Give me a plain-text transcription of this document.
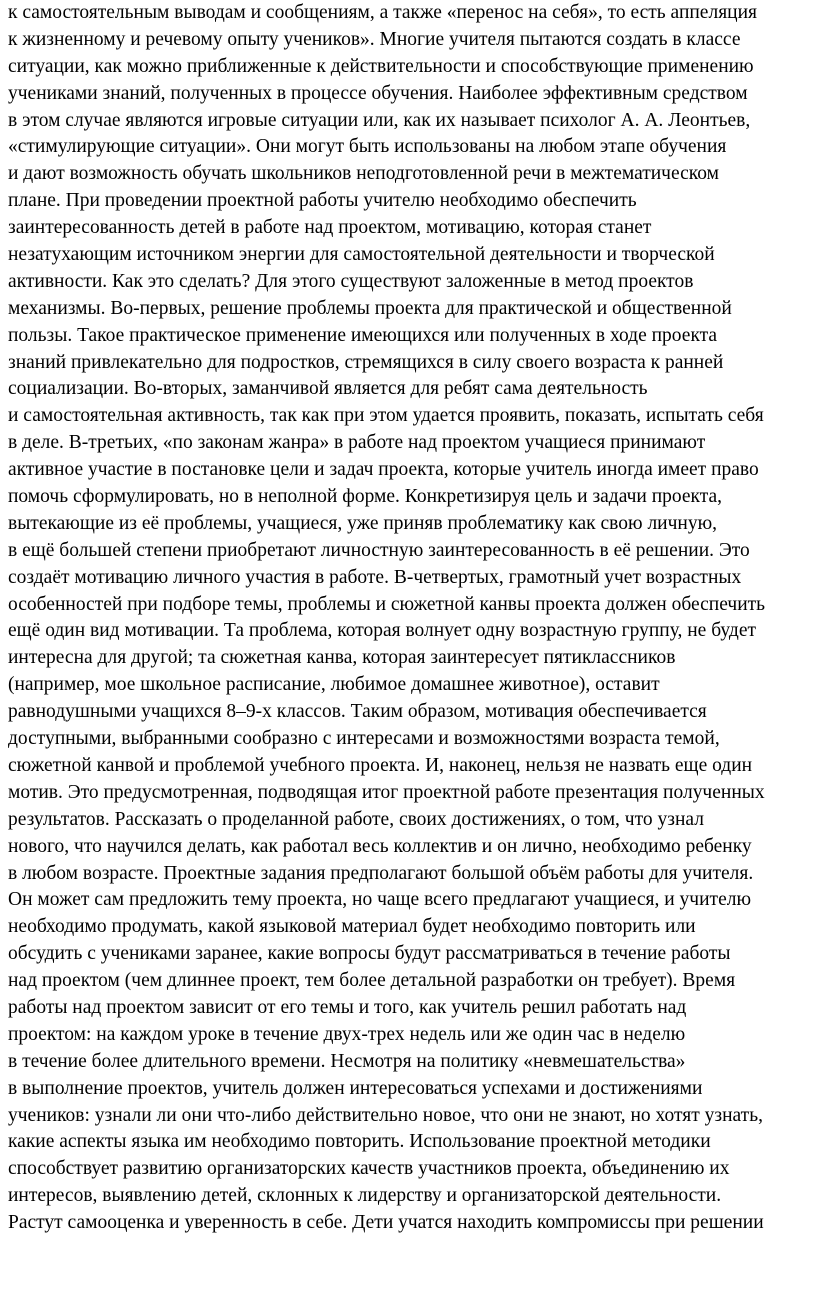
к самостоятельным выводам и сообщениям, а также «перенос на себя», то есть аппеляция
к жизненному и речевому опыту учеников». Многие учителя пытаются создать в классе
ситуации, как можно приближенные к действительности и способствующие применению
учениками знаний, полученных в процессе обучения. Наиболее эффективным средством
в этом случае являются игровые ситуации или, как их называет психолог А. А. Леонтьев,
«стимулирующие ситуации». Они могут быть использованы на любом этапе обучения
и дают возможность обучать школьников неподготовленной речи в межтематическом
плане. При проведении проектной работы учителю необходимо обеспечить
заинтересованность детей в работе над проектом, мотивацию, которая станет
незатухающим источником энергии для самостоятельной деятельности и творческой
активности. Как это сделать? Для этого существуют заложенные в метод проектов
механизмы. Во-первых, решение проблемы проекта для практической и общественной
пользы. Такое практическое применение имеющихся или полученных в ходе проекта
знаний привлекательно для подростков, стремящихся в силу своего возраста к ранней
социализации. Во-вторых, заманчивой является для ребят сама деятельность
и самостоятельная активность, так как при этом удается проявить, показать, испытать себя
в деле. В-третьих, «по законам жанра» в работе над проектом учащиеся принимают
активное участие в постановке цели и задач проекта, которые учитель иногда имеет право
помочь сформулировать, но в неполной форме. Конкретизируя цель и задачи проекта,
вытекающие из её проблемы, учащиеся, уже приняв проблематику как свою личную,
в ещё большей степени приобретают личностную заинтересованность в её решении. Это
создаёт мотивацию личного участия в работе. В-четвертых, грамотный учет возрастных
особенностей при подборе темы, проблемы и сюжетной канвы проекта должен обеспечить
ещё один вид мотивации. Та проблема, которая волнует одну возрастную группу, не будет
интересна для другой; та сюжетная канва, которая заинтересует пятиклассников
(например, мое школьное расписание, любимое домашнее животное), оставит
равнодушными учащихся 8–9-х классов. Таким образом, мотивация обеспечивается
доступными, выбранными сообразно с интересами и возможностями возраста темой,
сюжетной канвой и проблемой учебного проекта. И, наконец, нельзя не назвать еще один
мотив. Это предусмотренная, подводящая итог проектной работе презентация полученных
результатов. Рассказать о проделанной работе, своих достижениях, о том, что узнал
нового, что научился делать, как работал весь коллектив и он лично, необходимо ребенку
в любом возрасте. Проектные задания предполагают большой объём работы для учителя.
Он может сам предложить тему проекта, но чаще всего предлагают учащиеся, и учителю
необходимо продумать, какой языковой материал будет необходимо повторить или
обсудить с учениками заранее, какие вопросы будут рассматриваться в течение работы
над проектом (чем длиннее проект, тем более детальной разработки он требует). Время
работы над проектом зависит от его темы и того, как учитель решил работать над
проектом: на каждом уроке в течение двух-трех недель или же один час в неделю
в течение более длительного времени. Несмотря на политику «невмешательства»
в выполнение проектов, учитель должен интересоваться успехами и достижениями
учеников: узнали ли они что-либо действительно новое, что они не знают, но хотят узнать,
какие аспекты языка им необходимо повторить. Использование проектной методики
способствует развитию организаторских качеств участников проекта, объединению их
интересов, выявлению детей, склонных к лидерству и организаторской деятельности.
Растут самооценка и уверенность в себе. Дети учатся находить компромиссы при решении
